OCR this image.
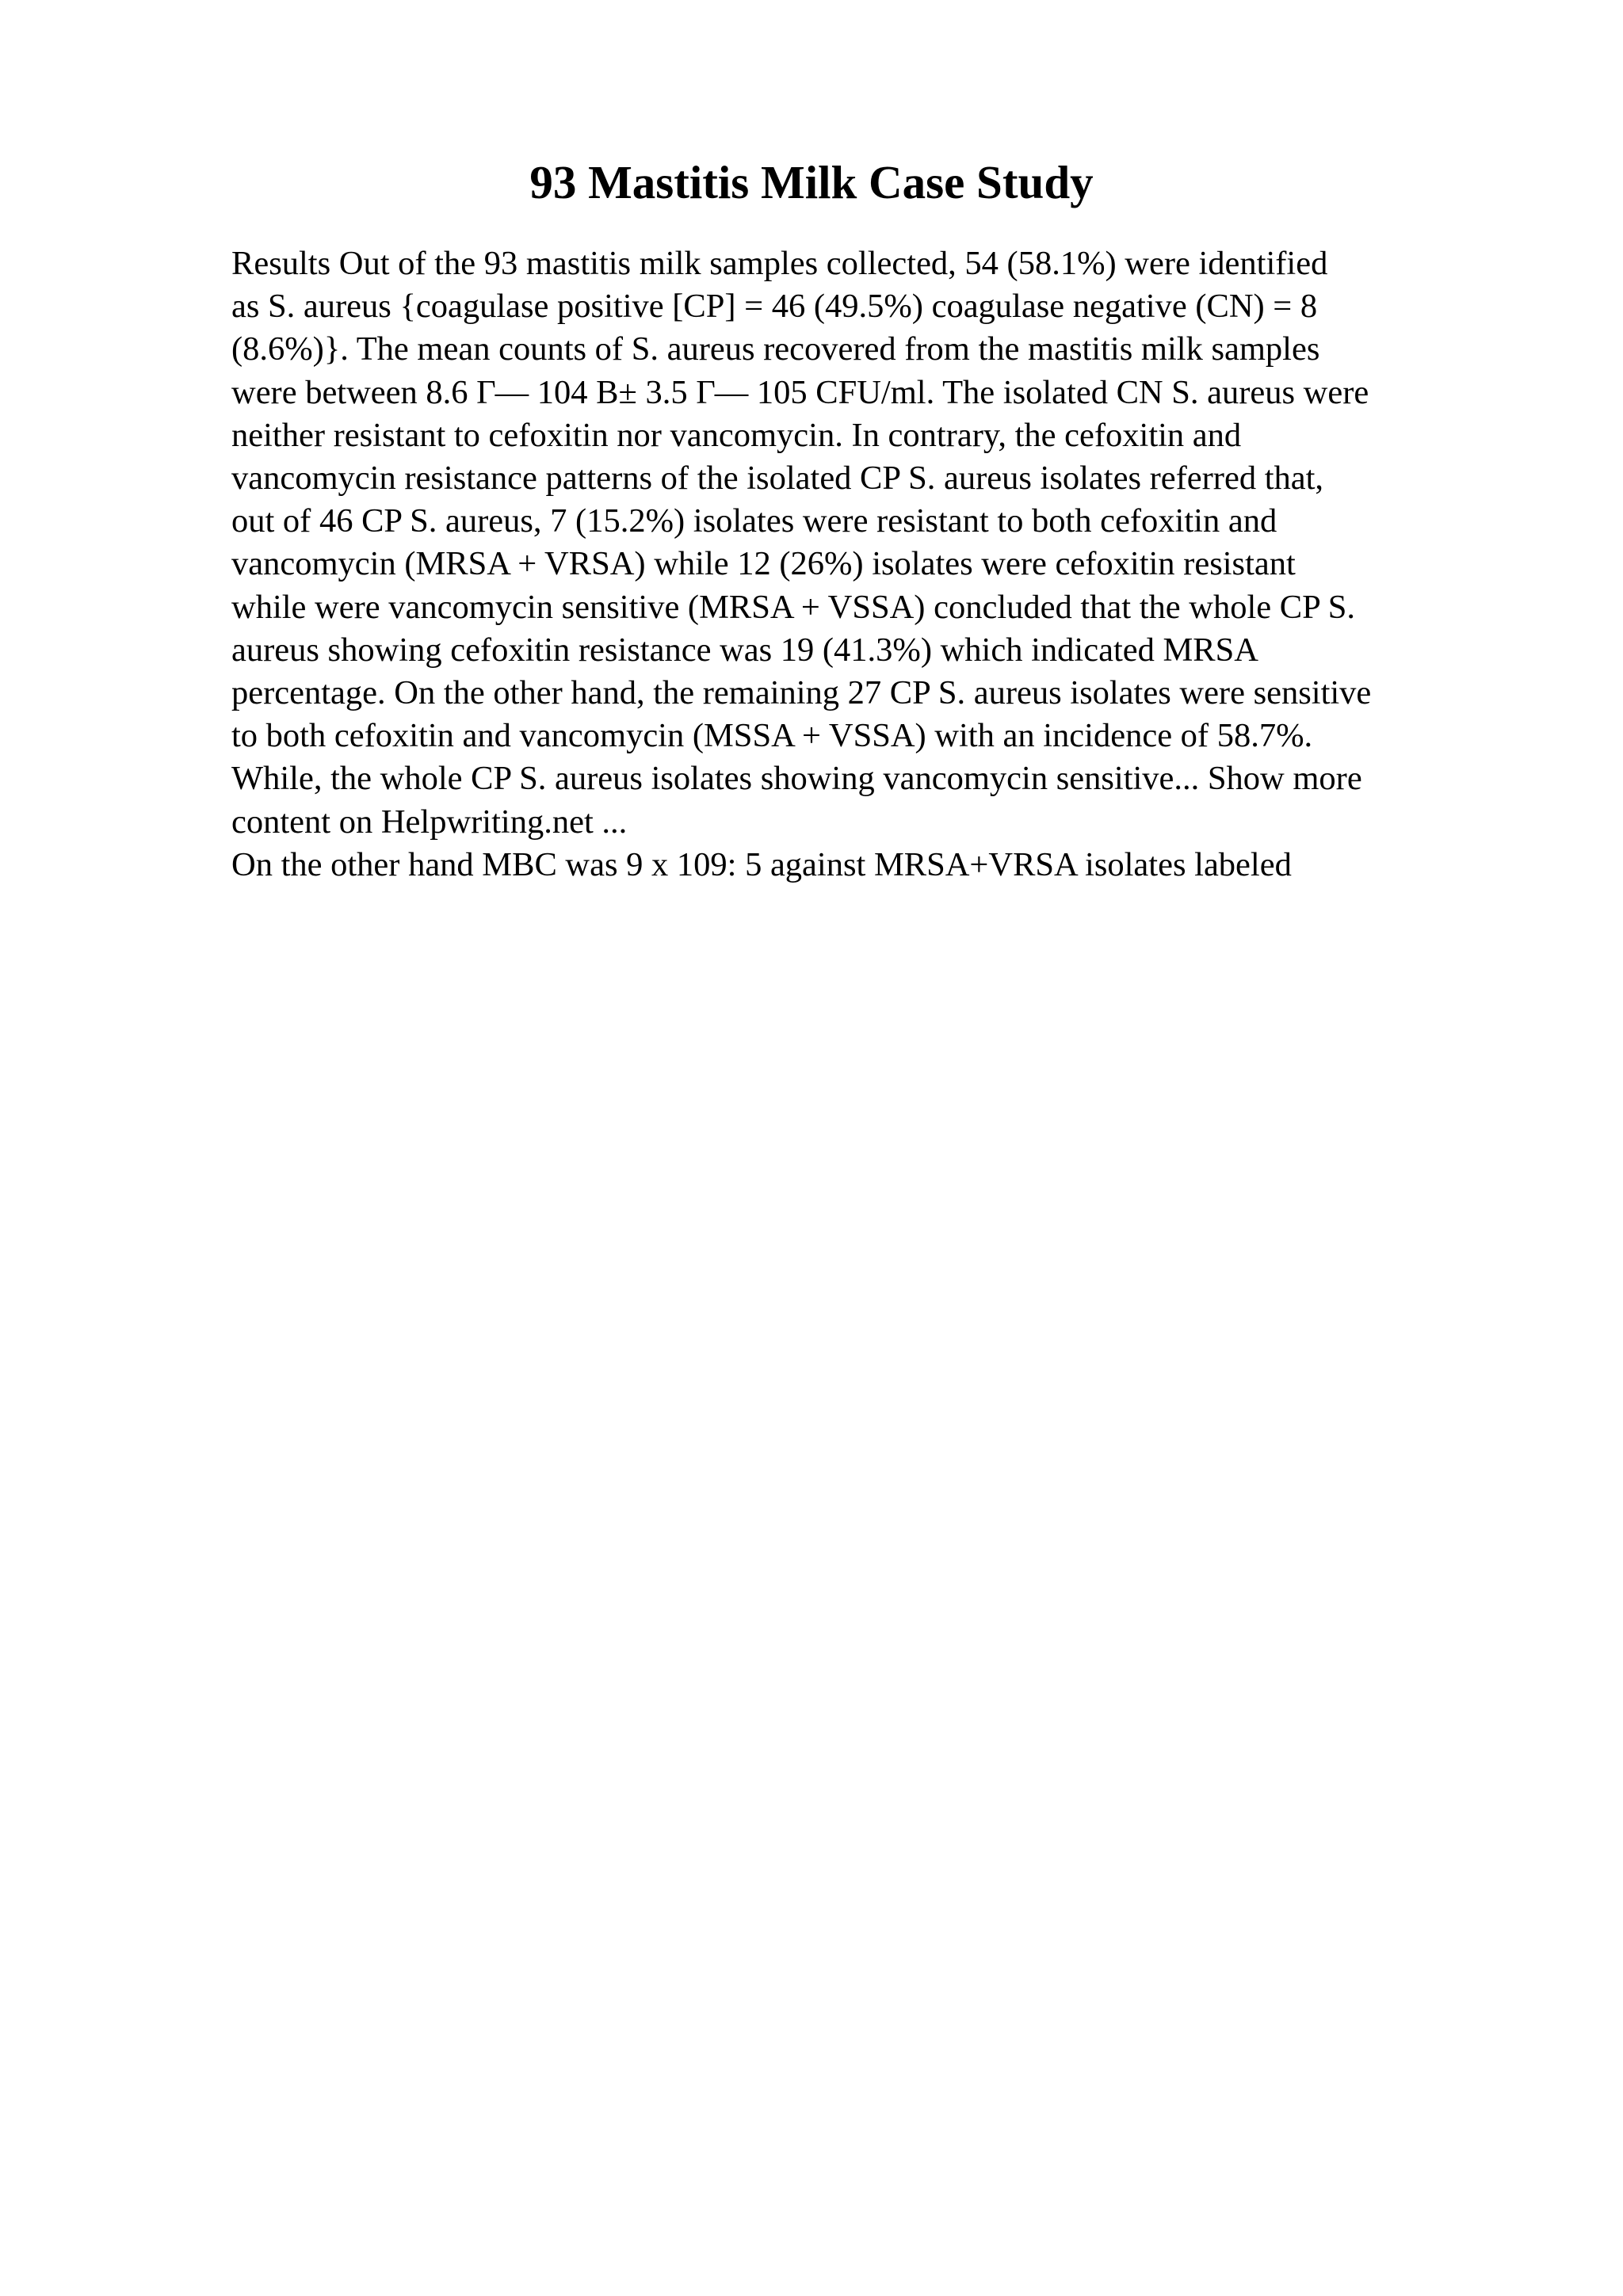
93 Mastitis Milk Case Study
Results Out of the 93 mastitis milk samples collected, 54 (58.1%) were identified
as S. aureus {coagulase positive [CP] = 46 (49.5%) coagulase negative (CN) = 8
(8.6%)}. The mean counts of S. aureus recovered from the mastitis milk samples
were between 8.6 Г— 104 В± 3.5 Г— 105 CFU/ml. The isolated CN S. aureus were
neither resistant to cefoxitin nor vancomycin. In contrary, the cefoxitin and
vancomycin resistance patterns of the isolated CP S. aureus isolates referred that,
out of 46 CP S. aureus, 7 (15.2%) isolates were resistant to both cefoxitin and
vancomycin (MRSA + VRSA) while 12 (26%) isolates were cefoxitin resistant
while were vancomycin sensitive (MRSA + VSSA) concluded that the whole CP S.
aureus showing cefoxitin resistance was 19 (41.3%) which indicated MRSA
percentage. On the other hand, the remaining 27 CP S. aureus isolates were sensitive
to both cefoxitin and vancomycin (MSSA + VSSA) with an incidence of 58.7%.
While, the whole CP S. aureus isolates showing vancomycin sensitive... Show more
content on Helpwriting.net ...
On the other hand MBC was 9 x 109: 5 against MRSA+VRSA isolates labeled
